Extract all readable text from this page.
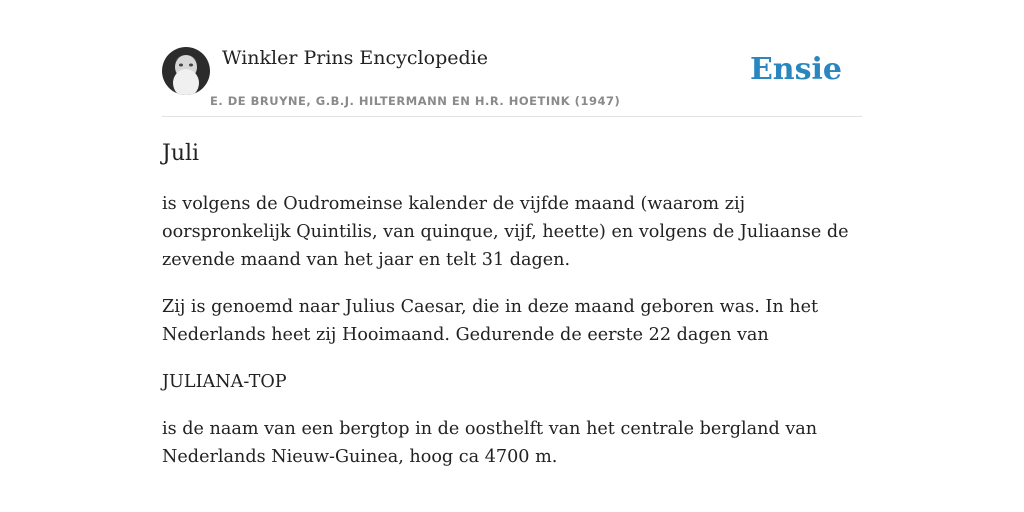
Winkler Prins Encyclopedie
E. DE BRUYNE, G.B.J. HILTERMANN EN H.R. HOETINK (1947)
Ensie
Juli

is volgens de Oudromeinse kalender de vijfde maand (waarom zij oorspronkelijk Quintilis, van quinque, vijf, heette) en volgens de Juliaanse de zevende maand van het jaar en telt 31 dagen.

Zij is genoemd naar Julius Caesar, die in deze maand geboren was. In het Nederlands heet zij Hooimaand. Gedurende de eerste 22 dagen van

JULIANA-TOP

is de naam van een bergtop in de oosthelft van het centrale bergland van Nederlands Nieuw-Guinea, hoog ca 4700 m.
